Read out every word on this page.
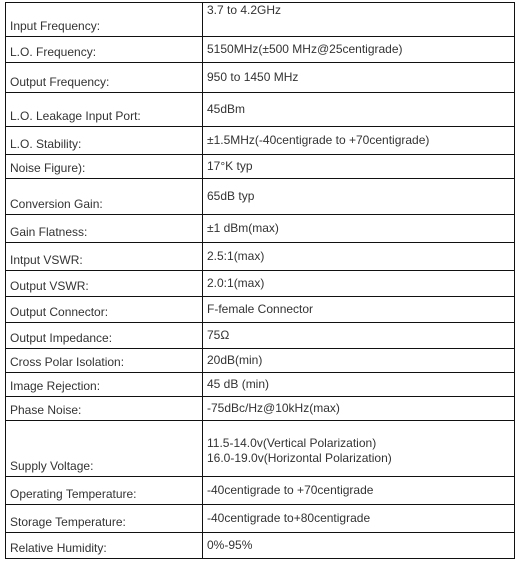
Input Frequency:	3.7 to 4.2GHz

L.O. Frequency:	5150MHz(±500 MHz@25centigrade)

Output Frequency:	950 to 1450 MHz

L.O. Leakage Input Port:	45dBm

L.O. Stability:	±1.5MHz(-40centigrade to +70centigrade)

Noise Figure):	17°K typ

Conversion Gain:	65dB typ

Gain Flatness:	±1 dBm(max)

Intput VSWR:	2.5:1(max)

Output VSWR:	2.0:1(max)

Output Connector:	F-female Connector

Output Impedance:	75Ω

Cross Polar Isolation:	20dB(min)

Image Rejection:	45 dB (min)

Phase Noise:	-75dBc/Hz@10kHz(max)

Supply Voltage:	11.5-14.0v(Vertical Polarization)
16.0-19.0v(Horizontal Polarization)

Operating Temperature:	-40centigrade to +70centigrade

Storage Temperature:	-40centigrade to+80centigrade

Relative Humidity:	0%-95%
